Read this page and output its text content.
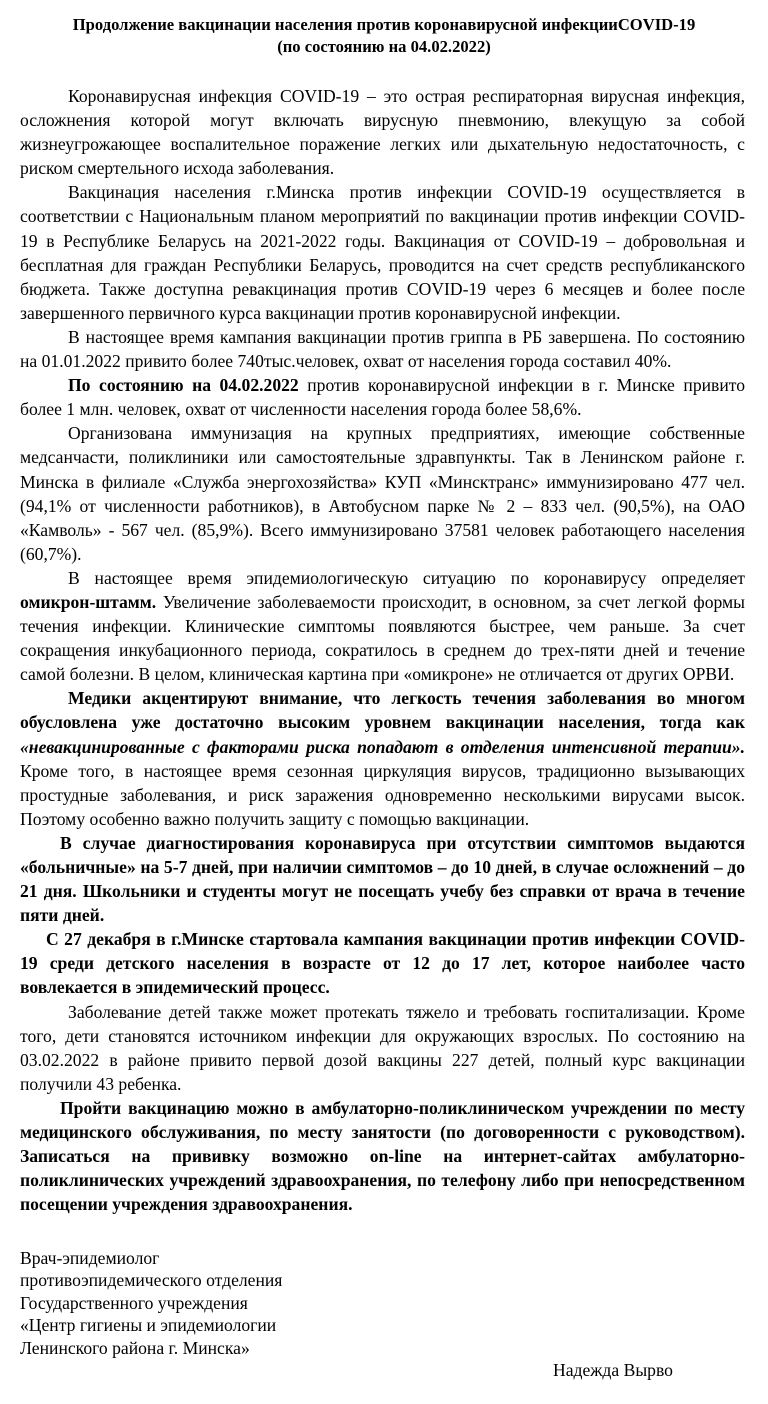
Продолжение вакцинации населения против коронавирусной инфекцииCOVID-19
(по состоянию на 04.02.2022)

Коронавирусная инфекция COVID-19 – это острая респираторная вирусная инфекция, осложнения которой могут включать вирусную пневмонию, влекущую за собой жизнеугрожающее воспалительное поражение легких или дыхательную недостаточность, с риском смертельного исхода заболевания.

Вакцинация населения г.Минска против инфекции COVID-19 осуществляется в соответствии с Национальным планом мероприятий по вакцинации против инфекции COVID-19 в Республике Беларусь на 2021-2022 годы. Вакцинация от COVID-19 – добровольная и бесплатная для граждан Республики Беларусь, проводится на счет средств республиканского бюджета. Также доступна ревакцинация против COVID-19 через 6 месяцев и более после завершенного первичного курса вакцинации против коронавирусной инфекции.

В настоящее время кампания вакцинации против гриппа в РБ завершена. По состоянию на 01.01.2022 привито более 740тыс.человек, охват от населения города составил 40%.

По состоянию на 04.02.2022 против коронавирусной инфекции в г. Минске привито более 1 млн. человек, охват от численности населения города более 58,6%.

Организована иммунизация на крупных предприятиях, имеющие собственные медсанчасти, поликлиники или самостоятельные здравпункты. Так в Ленинском районе г. Минска в филиале «Служба энергохозяйства» КУП «Минсктранс» иммунизировано 477 чел. (94,1% от численности работников), в Автобусном парке № 2 – 833 чел. (90,5%), на ОАО «Камволь» - 567 чел. (85,9%). Всего иммунизировано 37581 человек работающего населения (60,7%).

В настоящее время эпидемиологическую ситуацию по коронавирусу определяет омикрон-штамм. Увеличение заболеваемости происходит, в основном, за счет легкой формы течения инфекции. Клинические симптомы появляются быстрее, чем раньше. За счет сокращения инкубационного периода, сократилось в среднем до трех-пяти дней и течение самой болезни. В целом, клиническая картина при «омикроне» не отличается от других ОРВИ.

Медики акцентируют внимание, что легкость течения заболевания во многом обусловлена уже достаточно высоким уровнем вакцинации населения, тогда как «невакцинированные с факторами риска попадают в отделения интенсивной терапии». Кроме того, в настоящее время сезонная циркуляция вирусов, традиционно вызывающих простудные заболевания, и риск заражения одновременно несколькими вирусами высок. Поэтому особенно важно получить защиту с помощью вакцинации.

В случае диагностирования коронавируса при отсутствии симптомов выдаются «больничные» на 5-7 дней, при наличии симптомов – до 10 дней, в случае осложнений – до 21 дня. Школьники и студенты могут не посещать учебу без справки от врача в течение пяти дней.

С 27 декабря в г.Минске стартовала кампания вакцинации против инфекции COVID-19 среди детского населения в возрасте от 12 до 17 лет, которое наиболее часто вовлекается в эпидемический процесс.

Заболевание детей также может протекать тяжело и требовать госпитализации. Кроме того, дети становятся источником инфекции для окружающих взрослых. По состоянию на 03.02.2022 в районе привито первой дозой вакцины 227 детей, полный курс вакцинации получили 43 ребенка.

Пройти вакцинацию можно в амбулаторно-поликлиническом учреждении по месту медицинского обслуживания, по месту занятости (по договоренности с руководством). Записаться на прививку возможно on-line на интернет-сайтах амбулаторно-поликлинических учреждений здравоохранения, по телефону либо при непосредственном посещении учреждения здравоохранения.

Врач-эпидемиолог
противоэпидемического отделения
Государственного учреждения
«Центр гигиены и эпидемиологии
Ленинского района г. Минска»
Надежда Вырво
